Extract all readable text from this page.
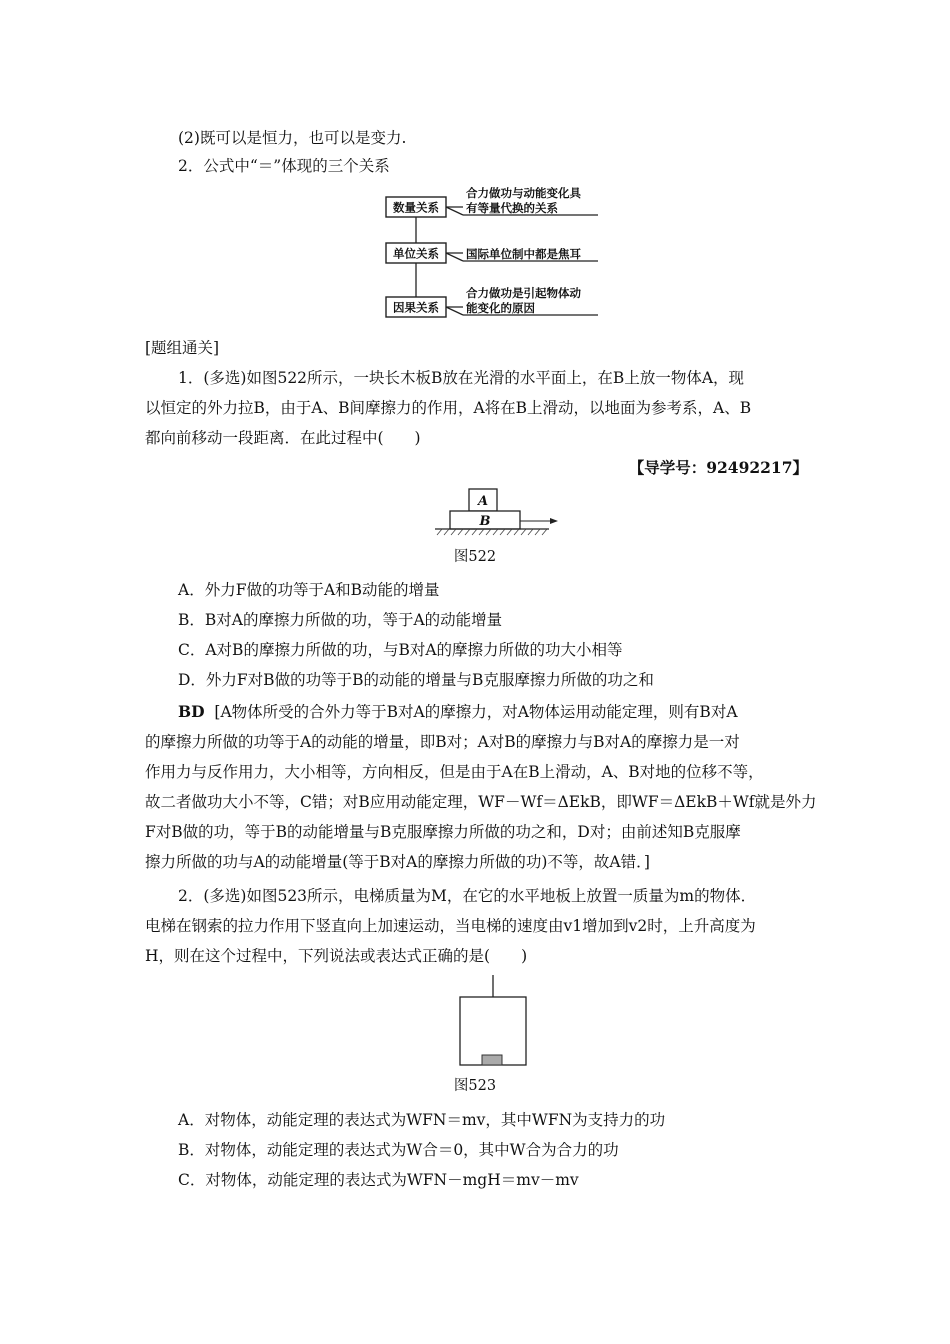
(2)既可以是恒力，也可以是变力.
2．公式中“＝”体现的三个关系
数量关系
合力做功与动能变化具
有等量代换的关系
单位关系 国际单位制中都是焦耳
因果关系
合力做功是引起物体动
能变化的原因
[题组通关]
1．(多选)如图522所示，一块长木板B放在光滑的水平面上，在B上放一物体A，现
以恒定的外力拉B，由于A、B间摩擦力的作用，A将在B上滑动，以地面为参考系，A、B
都向前移动一段距离．在此过程中(　　)
【导学号：92492217】
A
B
图522
A．外力F做的功等于A和B动能的增量
B．B对A的摩擦力所做的功，等于A的动能增量
C．A对B的摩擦力所做的功，与B对A的摩擦力所做的功大小相等
D．外力F对B做的功等于B的动能的增量与B克服摩擦力所做的功之和
BD [A物体所受的合外力等于B对A的摩擦力，对A物体运用动能定理，则有B对A
的摩擦力所做的功等于A的动能的增量，即B对；A对B的摩擦力与B对A的摩擦力是一对
作用力与反作用力，大小相等，方向相反，但是由于A在B上滑动，A、B对地的位移不等，
故二者做功大小不等，C错；对B应用动能定理，WF－Wf＝ΔEkB，即WF＝ΔEkB＋Wf就是外力
F对B做的功，等于B的动能增量与B克服摩擦力所做的功之和，D对；由前述知B克服摩
擦力所做的功与A的动能增量(等于B对A的摩擦力所做的功)不等，故A错．]
2．(多选)如图523所示，电梯质量为M，在它的水平地板上放置一质量为m的物体．
电梯在钢索的拉力作用下竖直向上加速运动，当电梯的速度由v1增加到v2时，上升高度为
H，则在这个过程中，下列说法或表达式正确的是(　　)
图523
A．对物体，动能定理的表达式为WFN＝mv，其中WFN为支持力的功
B．对物体，动能定理的表达式为W合＝0，其中W合为合力的功
C．对物体，动能定理的表达式为WFN－mgH＝mv－mv
